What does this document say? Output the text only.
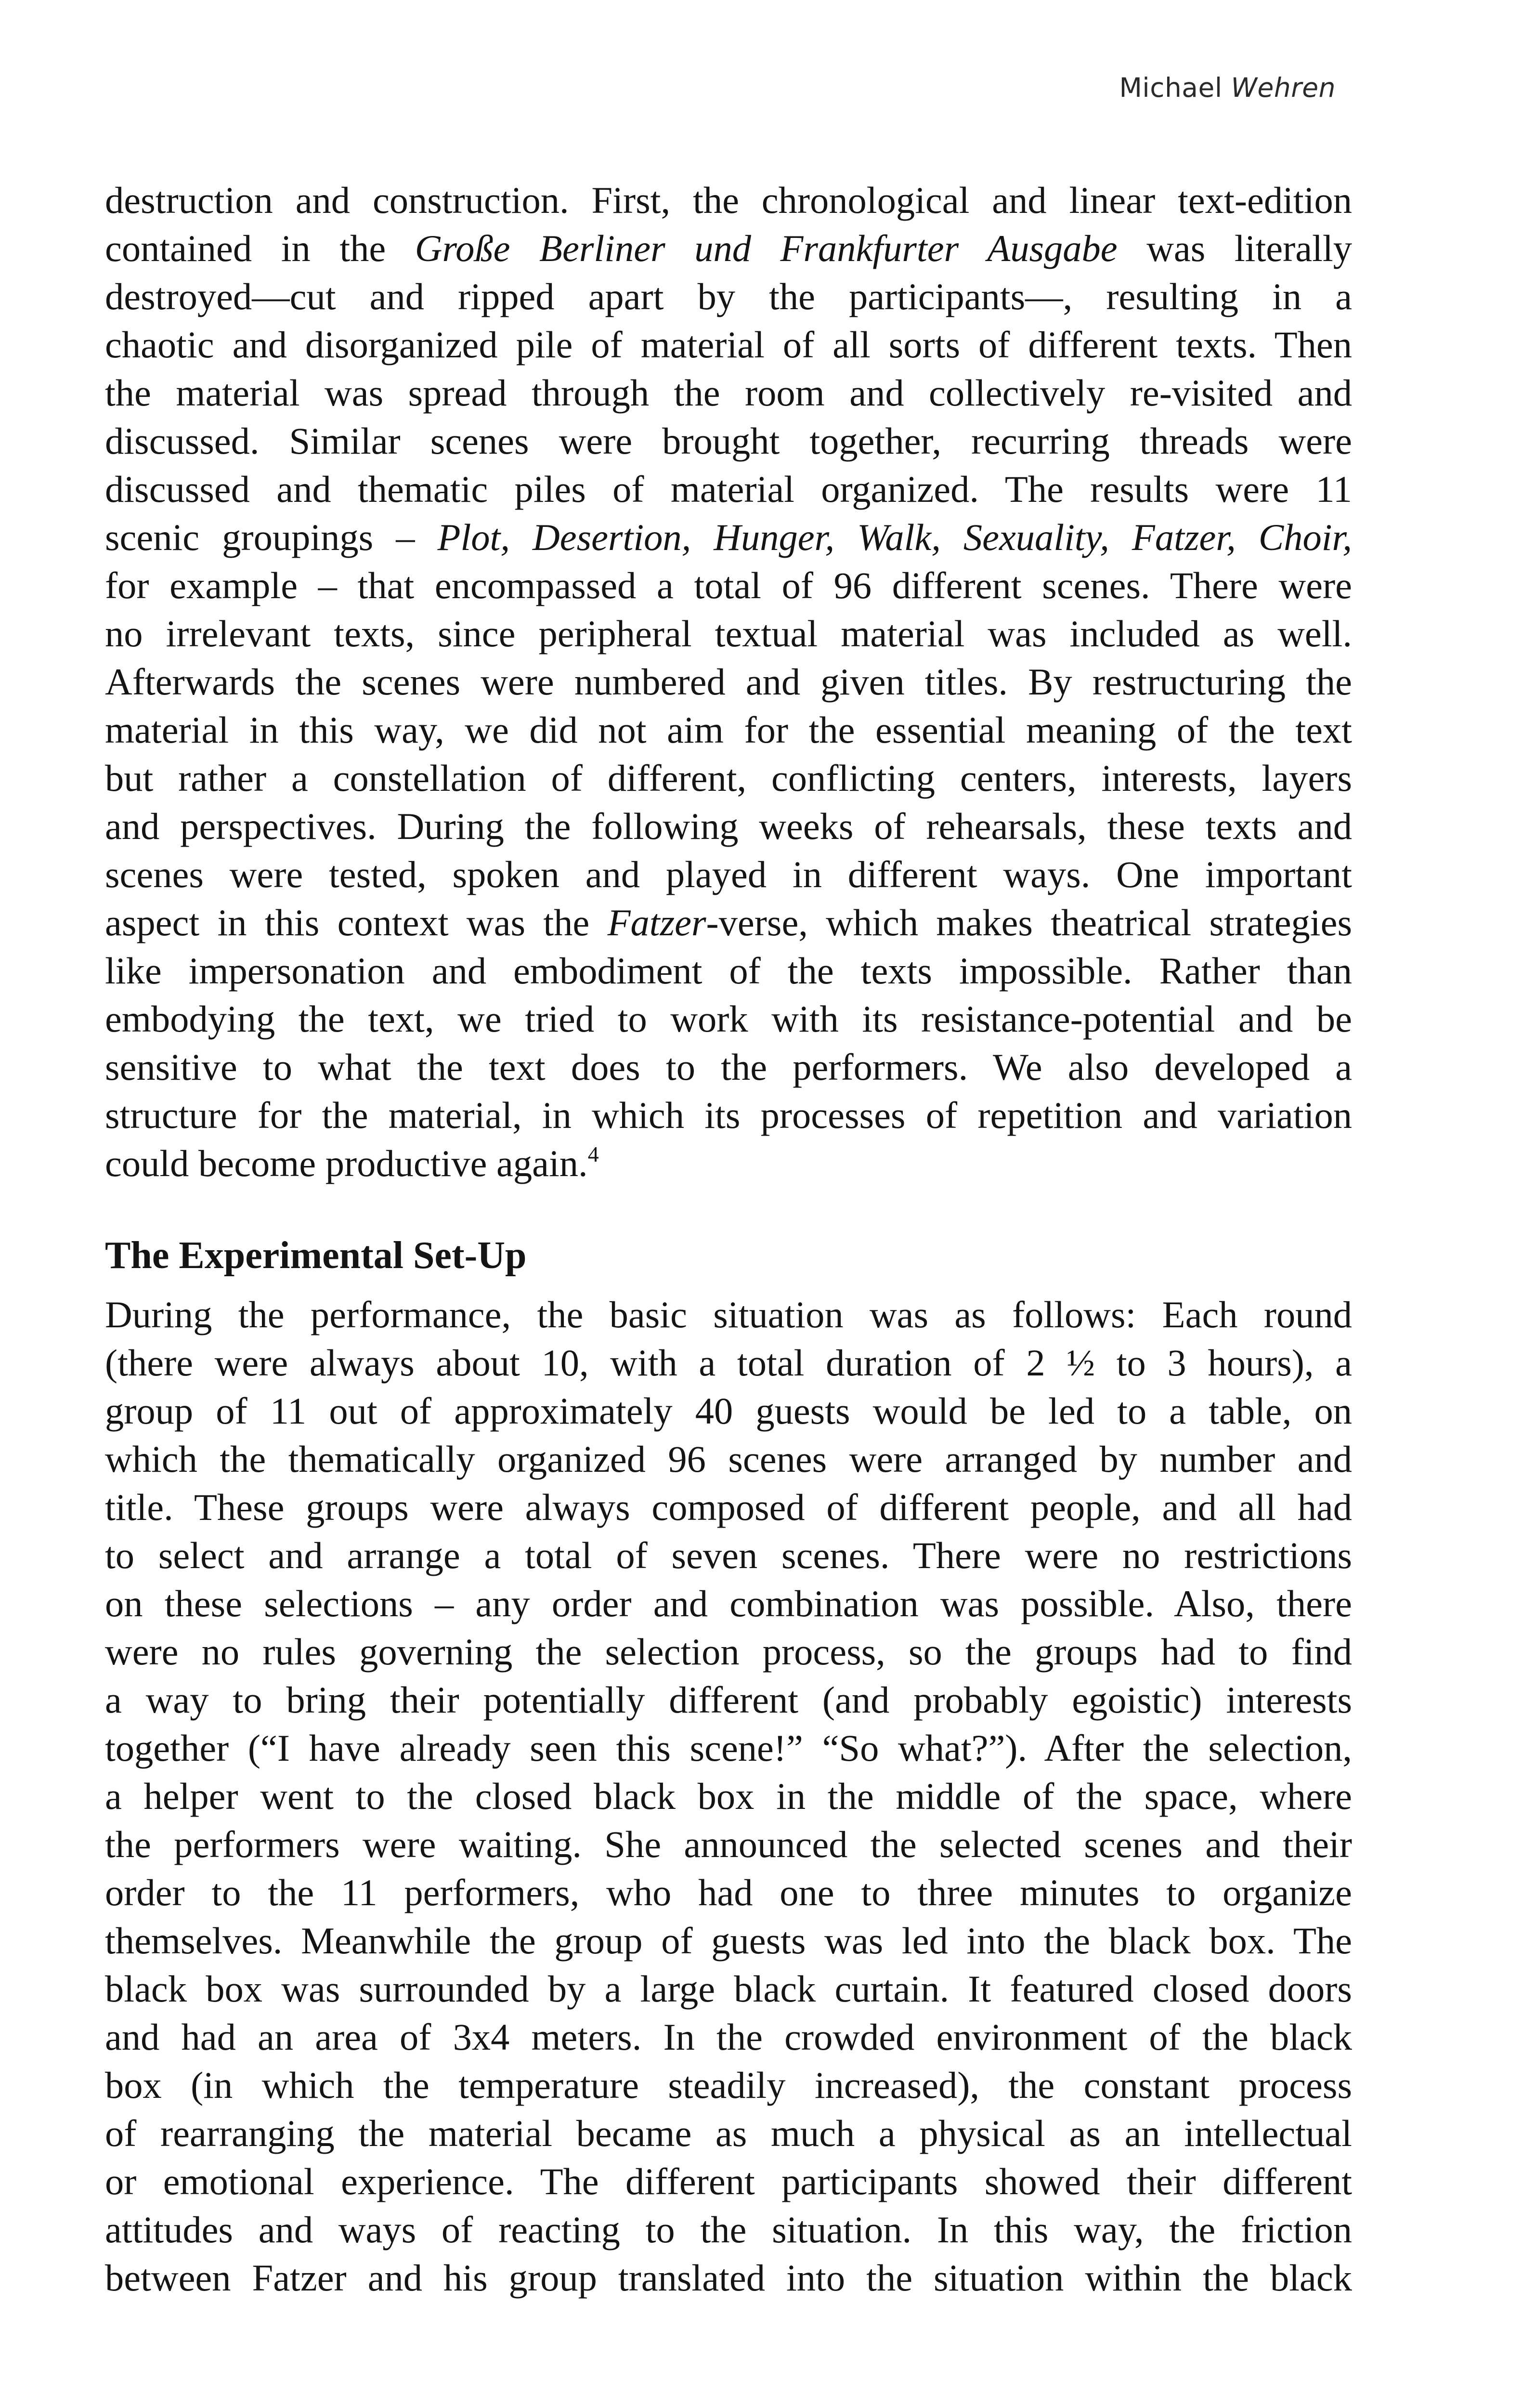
Michael Wehren
destruction and construction. First, the chronological and linear text-edition
contained in the Große Berliner und Frankfurter Ausgabe was literally
destroyed—cut and ripped apart by the participants—, resulting in a
chaotic and disorganized pile of material of all sorts of different texts. Then
the material was spread through the room and collectively re-visited and
discussed. Similar scenes were brought together, recurring threads were
discussed and thematic piles of material organized. The results were 11
scenic groupings – Plot, Desertion, Hunger, Walk, Sexuality, Fatzer, Choir,
for example – that encompassed a total of 96 different scenes. There were
no irrelevant texts, since peripheral textual material was included as well.
Afterwards the scenes were numbered and given titles. By restructuring the
material in this way, we did not aim for the essential meaning of the text
but rather a constellation of different, conflicting centers, interests, layers
and perspectives. During the following weeks of rehearsals, these texts and
scenes were tested, spoken and played in different ways. One important
aspect in this context was the Fatzer-verse, which makes theatrical strategies
like impersonation and embodiment of the texts impossible. Rather than
embodying the text, we tried to work with its resistance-potential and be
sensitive to what the text does to the performers. We also developed a
structure for the material, in which its processes of repetition and variation
could become productive again.$^4$
The Experimental Set-Up
During the performance, the basic situation was as follows: Each round
(there were always about 10, with a total duration of 2 ½ to 3 hours), a
group of 11 out of approximately 40 guests would be led to a table, on
which the thematically organized 96 scenes were arranged by number and
title. These groups were always composed of different people, and all had
to select and arrange a total of seven scenes. There were no restrictions
on these selections – any order and combination was possible. Also, there
were no rules governing the selection process, so the groups had to find
a way to bring their potentially different (and probably egoistic) interests
together (“I have already seen this scene!” “So what?”). After the selection,
a helper went to the closed black box in the middle of the space, where
the performers were waiting. She announced the selected scenes and their
order to the 11 performers, who had one to three minutes to organize
themselves. Meanwhile the group of guests was led into the black box. The
black box was surrounded by a large black curtain. It featured closed doors
and had an area of 3x4 meters. In the crowded environment of the black
box (in which the temperature steadily increased), the constant process
of rearranging the material became as much a physical as an intellectual
or emotional experience. The different participants showed their different
attitudes and ways of reacting to the situation. In this way, the friction
between Fatzer and his group translated into the situation within the black
